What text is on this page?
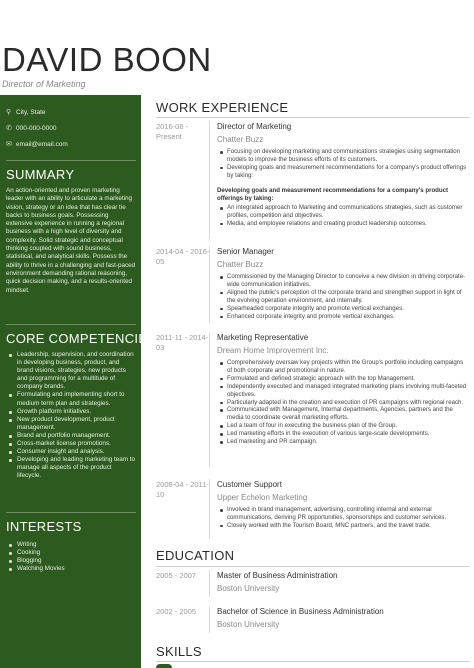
DAVID BOON
Director of Marketing
⚲ City, State
✆ 000-000-0000
✉ email@email.com
SUMMARY

An action-oriented and proven marketing leader with an ability to articulate a marketing vision, strategy or an idea that has clear tie backs to business goals. Possessing extensive experience in running a regional business with a high level of diversity and complexity. Solid strategic and conceptual thinking coupled with sound business, statistical, and analytical skills. Possess the ability to thrive in a challenging and fast-paced environment demanding rational reasoning, quick decision making, and a results-oriented mindset.

CORE COMPETENCIES
Leadership, supervision, and coordination in developing business, product, and brand visions, strategies, new products and programming for a multitude of company brands.
Formulating and implementing short to medium term plan and strategies.
Growth platform initiatives.
New product development, product management.
Brand and portfolio management.
Cross-market license promotions.
Consumer insight and analysis.
Developing and leading marketing team to manage all aspects of the product lifecycle.
INTERESTS
Writing
Cooking
Blogging
Watching Movies
WORK EXPERIENCE
2016-06 - Present
Director of Marketing
Chatter Buzz
Focusing on developing marketing and communications strategies using segmentation models to improve the business efforts of its customers.
Developing goals and measurement recommendations for a company's product offerings by taking:
Developing goals and measurement recommendations for a company's product offerings by taking:
An integrated approach to Marketing and communications strategies, such as customer profiles, competition and objectives.
Media, and employee relations and creating product leadership outcomes.
2014-04 - 2016-05
Senior Manager
Chatter Buzz
Commissioned by the Managing Director to conceive a new division in driving corporate-wide communication initiatives.
Aligned the public's perception of the corporate brand and strengthen support in light of the evolving operation environment, and internally.
Spearheaded corporate integrity and promote vertical exchanges.
Enhanced corporate integrity and promote vertical exchanges.
2011-11 - 2014-03
Marketing Representative
Dream Home Improvement Inc.
Comprehensively oversaw key projects within the Group's portfolio including campaigns of both corporate and promotional in nature.
Formulated and defined strategic approach with the top Management.
Independently executed and managed integrated marketing plans involving multi-faceted objectives.
Particularly adapted in the creation and execution of PR campaigns with regional reach.
Communicated with Management, Internal departments, Agencies, partners and the media to coordinate overall marketing efforts.
Led a team of four in executing the business plan of the Group.
Led marketing efforts in the execution of various large-scale developments.
Led marketing and PR campaign.
2008-04 - 2011-10
Customer Support
Upper Echelon Marketing
Involved in brand management, advertising, controlling internal and external communications, deriving PR opportunities, sponsorships and customer services.
Closely worked with the Tourism Board, MNC partners, and the travel trade.
EDUCATION
2005 - 2007	Master of Business Administration
Boston University
2002 - 2005	Bachelor of Science in Business Administration
Boston University
SKILLS
